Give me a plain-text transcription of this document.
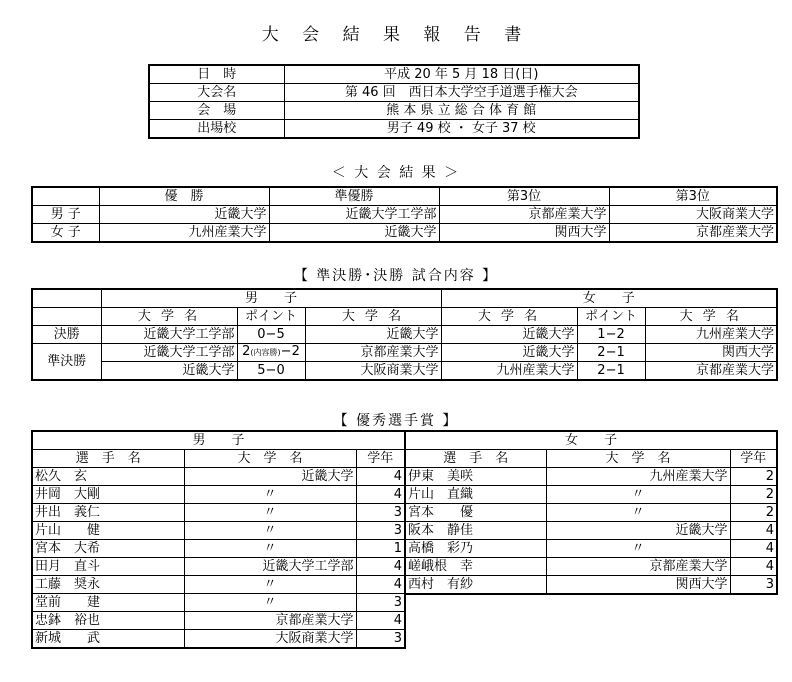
大 会 結 果 報 告 書
日　時	平成 20 年 5 月 18 日(日)
大会名	第 46 回　西日本大学空手道選手権大会
会　場	熊 本 県 立 総 合 体 育 館
出場校	男子 49 校 ・ 女子 37 校
＜ 大 会 結 果 ＞
	優　勝	準優勝	第3位	第3位
男 子	近畿大学	近畿大学工学部	京都産業大学	大阪商業大学
女 子	九州産業大学	近畿大学	関西大学	京都産業大学
【 準決勝･決勝 試合内容 】
	男　　子			女　　子		
	大 学 名	ポイント	大 学 名	大 学 名	ポイント	大 学 名
決勝	近畿大学工学部	0−5	近畿大学	近畿大学	1−2	九州産業大学
準決勝	近畿大学工学部	2(内容勝)−2	京都産業大学	近畿大学	2−1	関西大学
	近畿大学	5−0	大阪商業大学	九州産業大学	2−1	京都産業大学
【 優秀選手賞 】
男　　子		
選　手　名	大　学　名	学年
松久　玄	近畿大学	4
井岡　大剛	〃	4
井出　義仁	〃	3
片山　　健	〃	3
宮本　大希	〃	1
田月　直斗	近畿大学工学部	4
工藤　奨永	〃	4
堂前　　建	〃	3
忠鉢　裕也	京都産業大学	4
新城　　武	大阪商業大学	3
女　　子		
選　手　名	大　学　名	学年
伊東　美咲	九州産業大学	2
片山　直織	〃	2
宮本　　優	〃	2
阪本　静佳	近畿大学	4
高橋　彩乃	〃	4
嵯峨根　幸	京都産業大学	4
西村　有紗	関西大学	3
